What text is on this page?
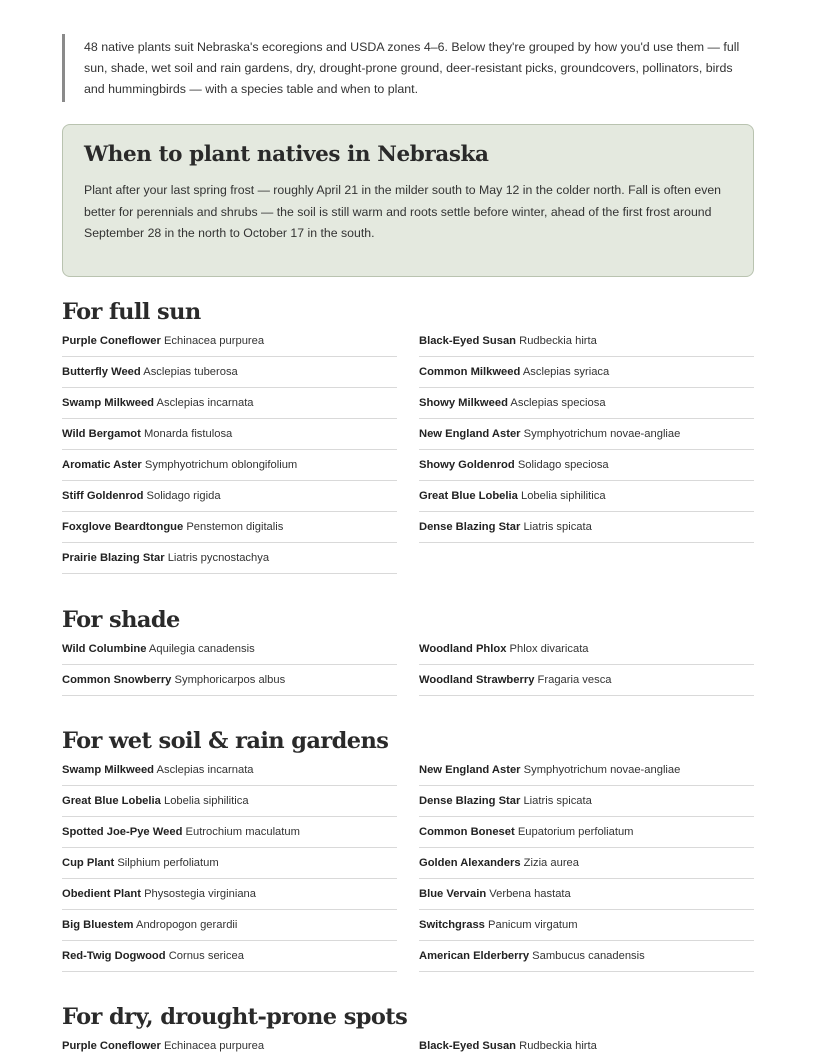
48 native plants suit Nebraska's ecoregions and USDA zones 4–6. Below they're grouped by how you'd use them — full sun, shade, wet soil and rain gardens, dry, drought-prone ground, deer-resistant picks, groundcovers, pollinators, birds and hummingbirds — with a species table and when to plant.
When to plant natives in Nebraska

Plant after your last spring frost — roughly April 21 in the milder south to May 12 in the colder north. Fall is often even better for perennials and shrubs — the soil is still warm and roots settle before winter, ahead of the first frost around September 28 in the north to October 17 in the south.

For full sun
Purple Coneflower Echinacea purpurea	Black-Eyed Susan Rudbeckia hirta
Butterfly Weed Asclepias tuberosa	Common Milkweed Asclepias syriaca
Swamp Milkweed Asclepias incarnata	Showy Milkweed Asclepias speciosa
Wild Bergamot Monarda fistulosa	New England Aster Symphyotrichum novae-angliae
Aromatic Aster Symphyotrichum oblongifolium	Showy Goldenrod Solidago speciosa
Stiff Goldenrod Solidago rigida	Great Blue Lobelia Lobelia siphilitica
Foxglove Beardtongue Penstemon digitalis	Dense Blazing Star Liatris spicata
Prairie Blazing Star Liatris pycnostachya
For shade
Wild Columbine Aquilegia canadensis	Woodland Phlox Phlox divaricata
Common Snowberry Symphoricarpos albus	Woodland Strawberry Fragaria vesca
For wet soil & rain gardens
Swamp Milkweed Asclepias incarnata	New England Aster Symphyotrichum novae-angliae
Great Blue Lobelia Lobelia siphilitica	Dense Blazing Star Liatris spicata
Spotted Joe-Pye Weed Eutrochium maculatum	Common Boneset Eupatorium perfoliatum
Cup Plant Silphium perfoliatum	Golden Alexanders Zizia aurea
Obedient Plant Physostegia virginiana	Blue Vervain Verbena hastata
Big Bluestem Andropogon gerardii	Switchgrass Panicum virgatum
Red-Twig Dogwood Cornus sericea	American Elderberry Sambucus canadensis
For dry, drought-prone spots
Purple Coneflower Echinacea purpurea	Black-Eyed Susan Rudbeckia hirta
